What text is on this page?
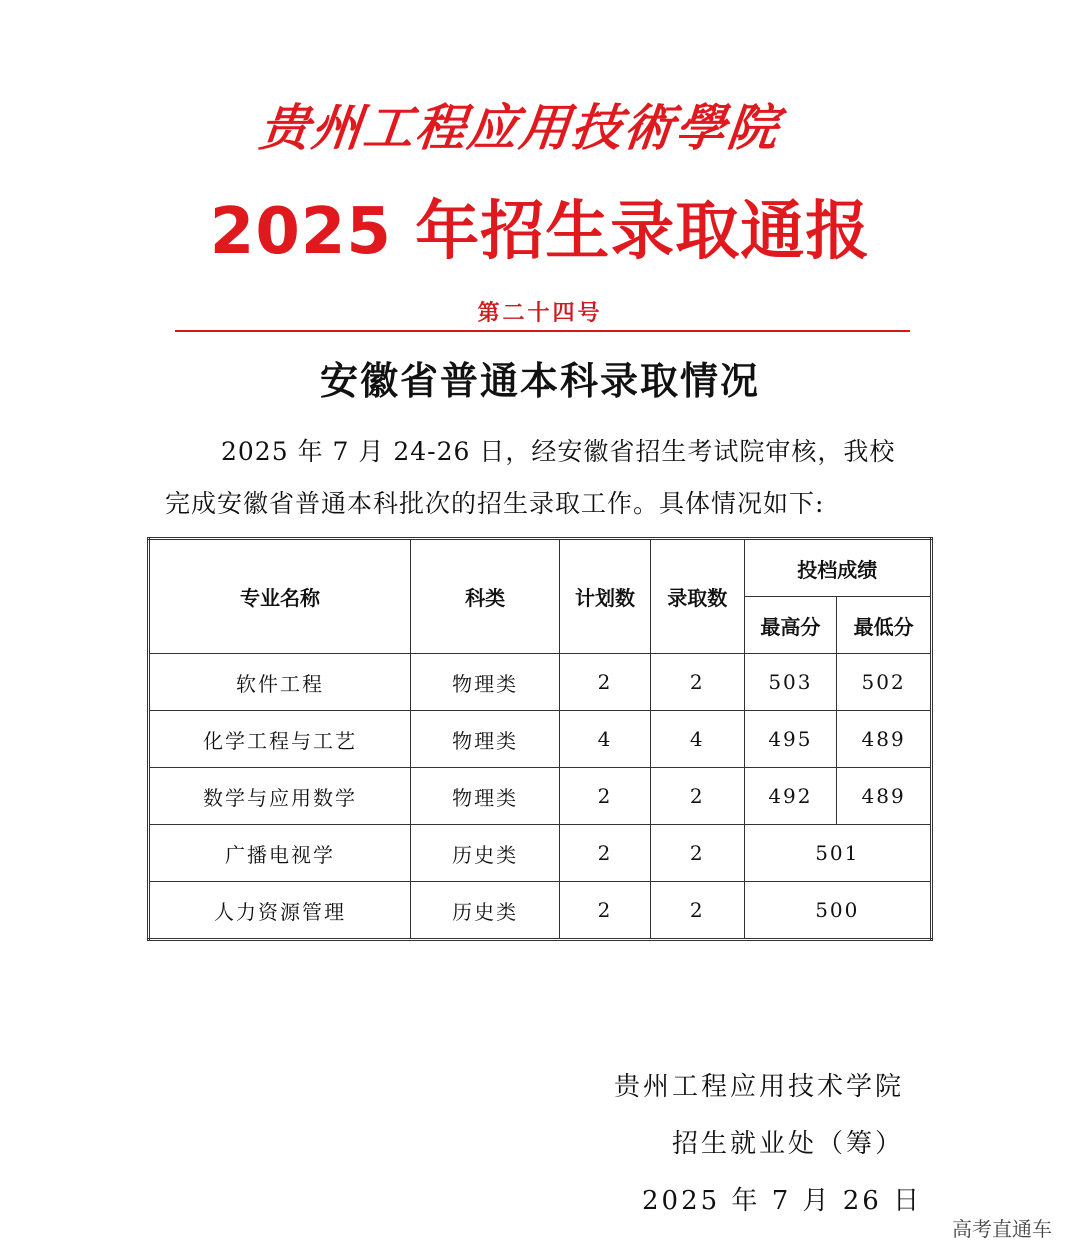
贵州工程应用技術學院
2025 年招生录取通报
第二十四号
安徽省普通本科录取情况
2025 年 7 月 24-26 日，经安徽省招生考试院审核，我校
完成安徽省普通本科批次的招生录取工作。具体情况如下:
专业名称	科类	计划数	录取数	投档成绩	
				最高分	最低分
软件工程	物理类	2	2	503	502
化学工程与工艺	物理类	4	4	495	489
数学与应用数学	物理类	2	2	492	489
广播电视学	历史类	2	2	501	
人力资源管理	历史类	2	2	500	
贵州工程应用技术学院
招生就业处（筹）
2025 年 7 月 26 日
高考直通车
